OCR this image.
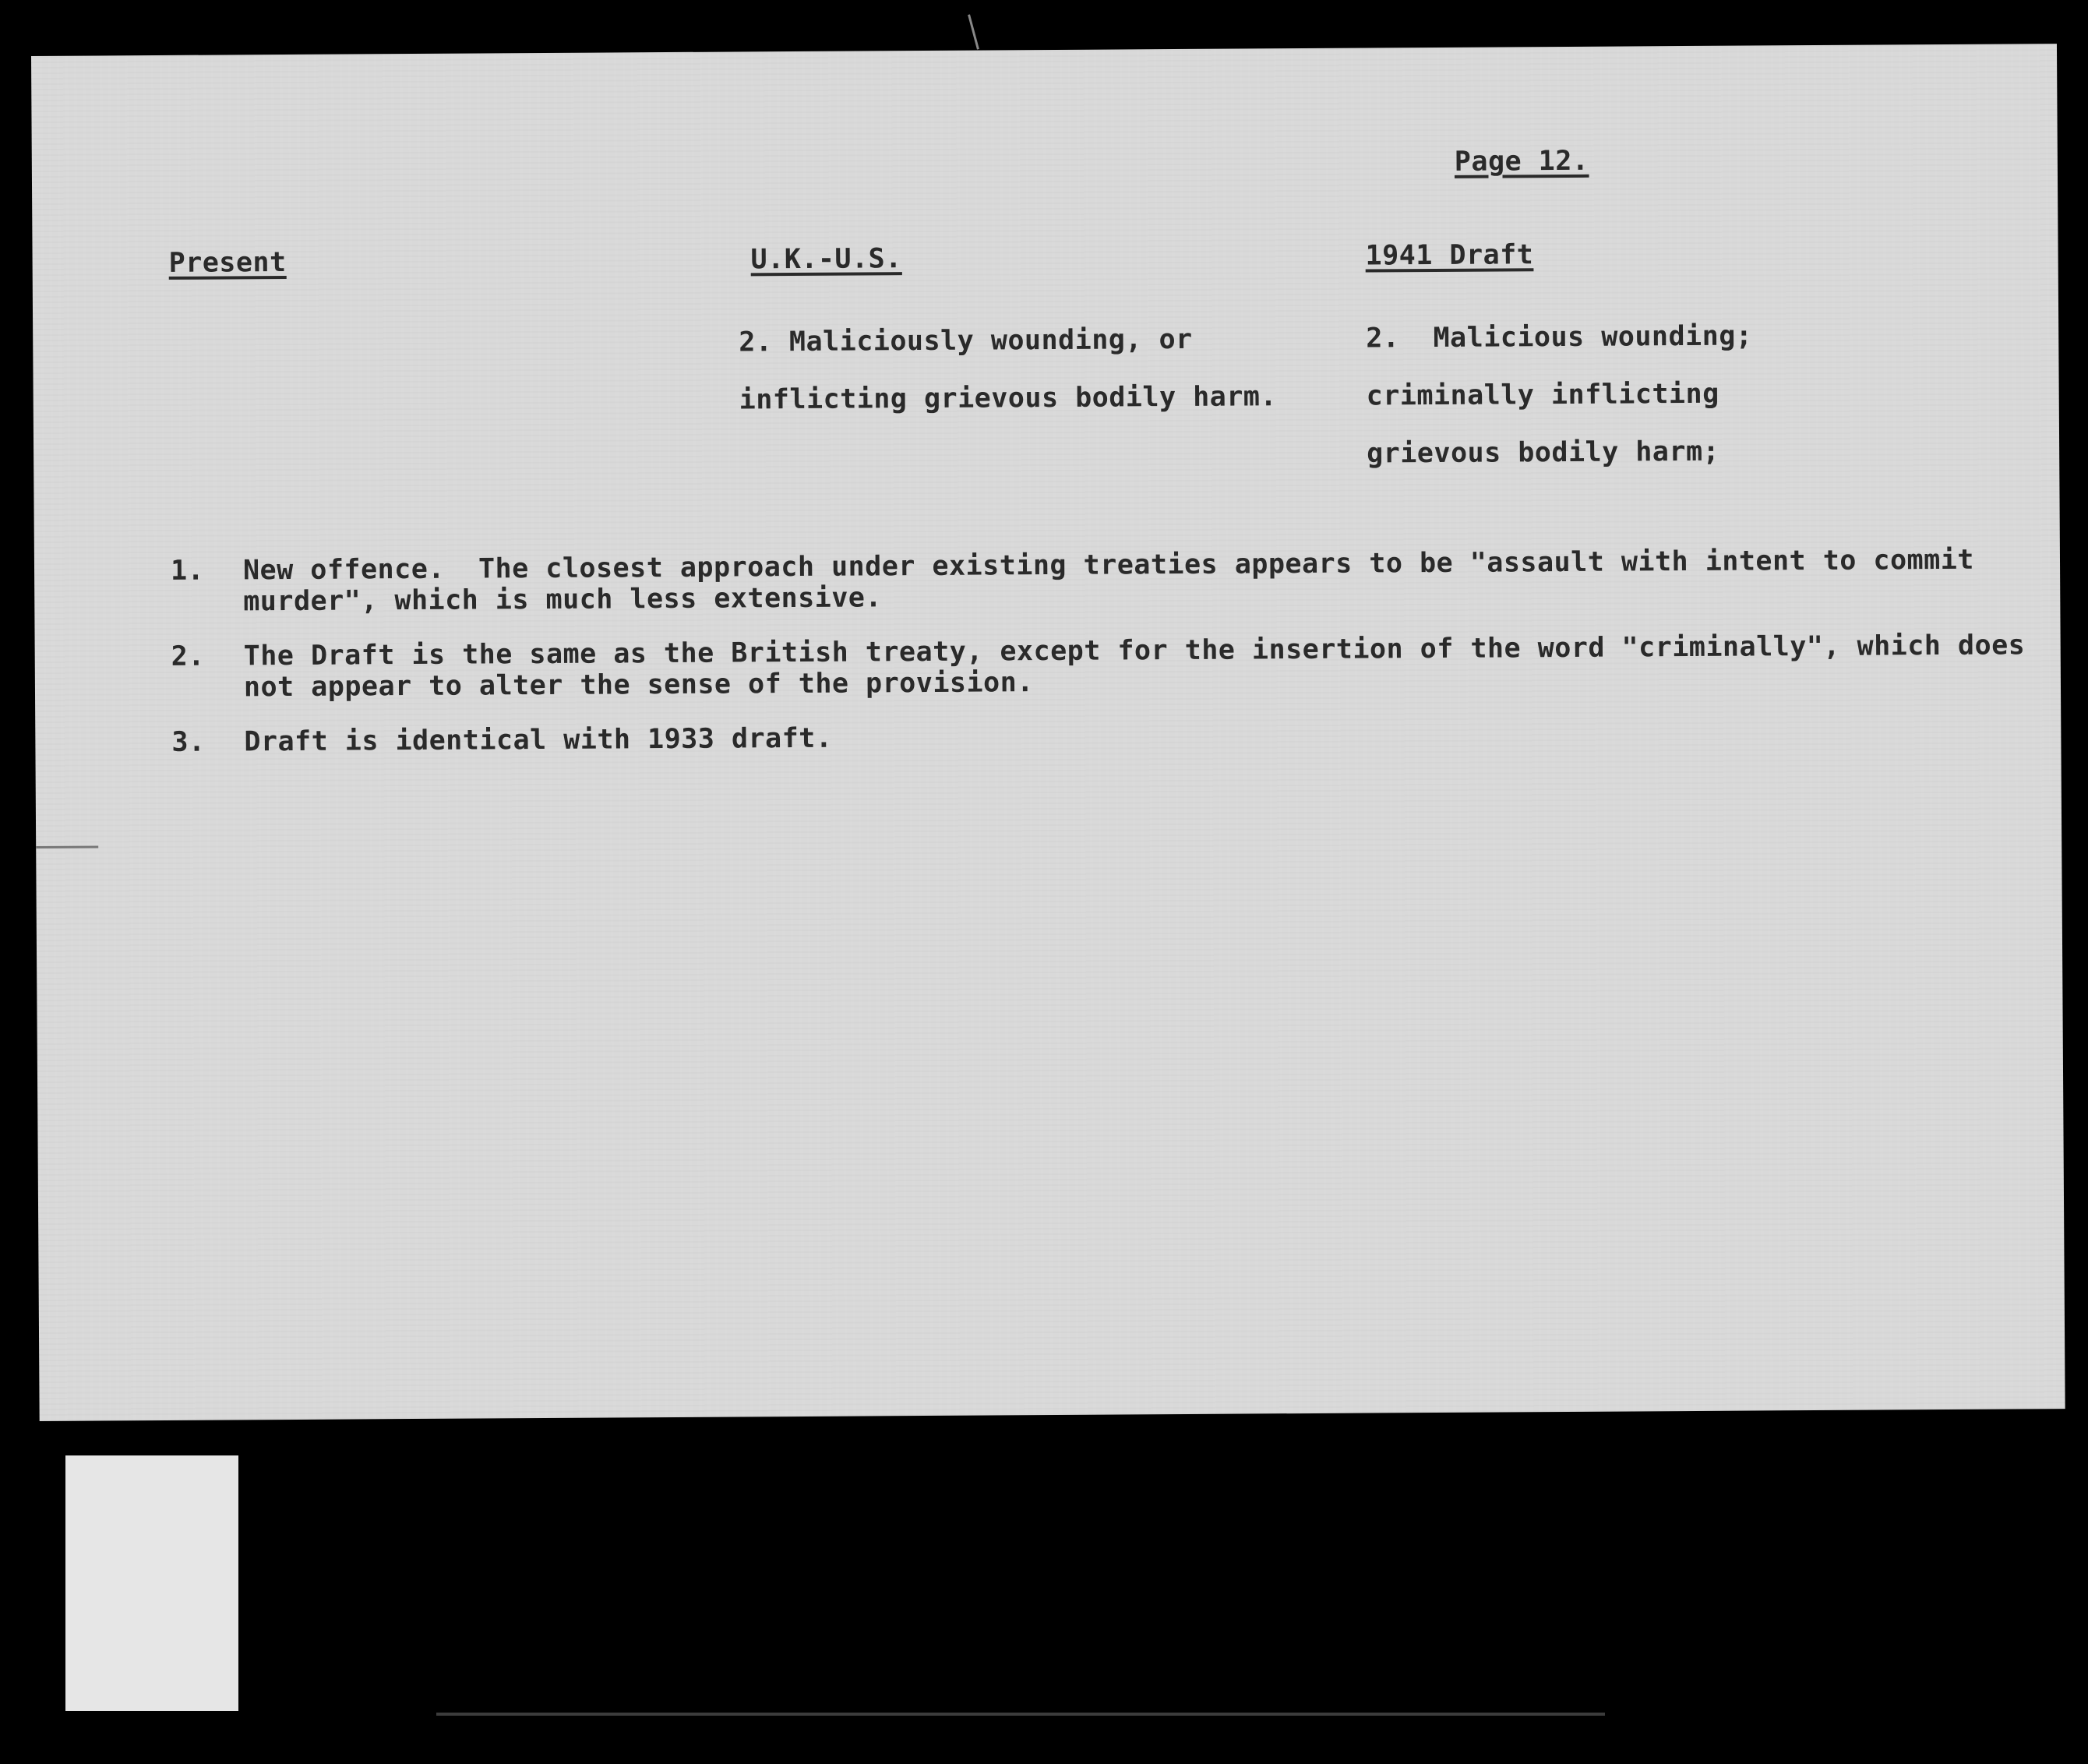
Page 12.
Present	U.K.-U.S.	1941 Draft
2. Maliciously wounding, or
inflicting grievous bodily harm.
2.  Malicious wounding;
criminally inflicting
grievous bodily harm;
1. New offence.  The closest approach under existing treaties appears to be "assault with intent to commit murder", which is much less extensive.
2. The Draft is the same as the British treaty, except for the insertion of the word "criminally", which does not appear to alter the sense of the provision.
3. Draft is identical with 1933 draft.
